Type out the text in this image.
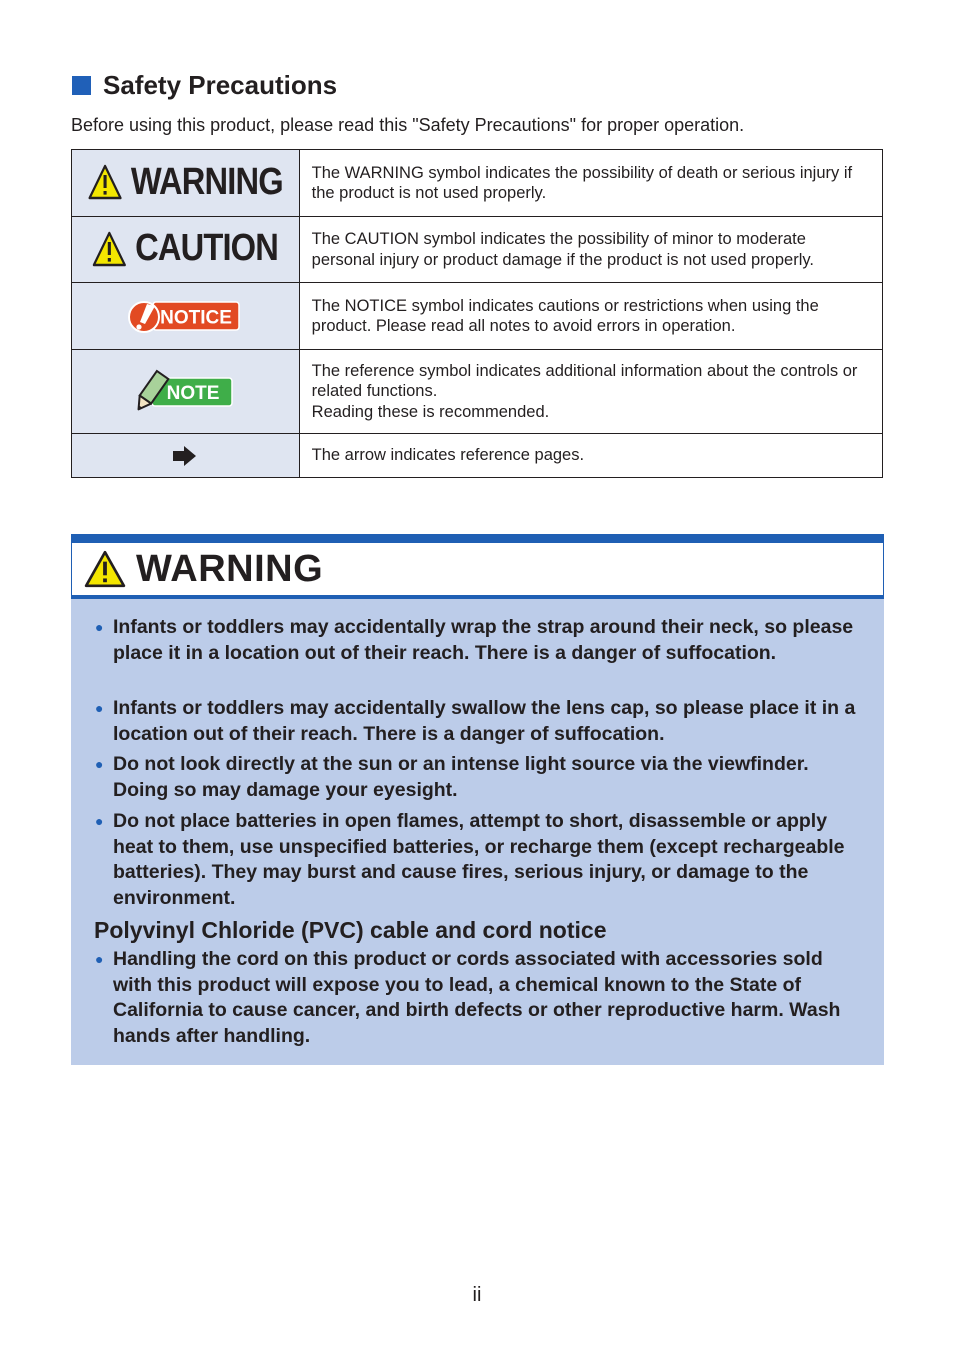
Safety Precautions
Before using this product, please read this "Safety Precautions" for proper operation.
WARNING	The WARNING symbol indicates the possibility of death or serious injury if the product is not used properly.

CAUTION	The CAUTION symbol indicates the possibility of minor to moderate personal injury or product damage if the product is not used properly.

NOTICE	The NOTICE symbol indicates cautions or restrictions when using the product. Please read all notes to avoid errors in operation.

NOTE	The reference symbol indicates additional information about the controls or related functions.
Reading these is recommended.

	The arrow indicates reference pages.
WARNING
● Infants or toddlers may accidentally wrap the strap around their neck, so please place it in a location out of their reach. There is a danger of suffocation.
● Infants or toddlers may accidentally swallow the lens cap, so please place it in a location out of their reach. There is a danger of suffocation.
● Do not look directly at the sun or an intense light source via the viewfinder. Doing so may damage your eyesight.
● Do not place batteries in open flames, attempt to short, disassemble or apply heat to them, use unspecified batteries, or recharge them (except rechargeable batteries). They may burst and cause fires, serious injury, or damage to the environment.
Polyvinyl Chloride (PVC) cable and cord notice
● Handling the cord on this product or cords associated with accessories sold with this product will expose you to lead, a chemical known to the State of California to cause cancer, and birth defects or other reproductive harm. Wash hands after handling.
ii
